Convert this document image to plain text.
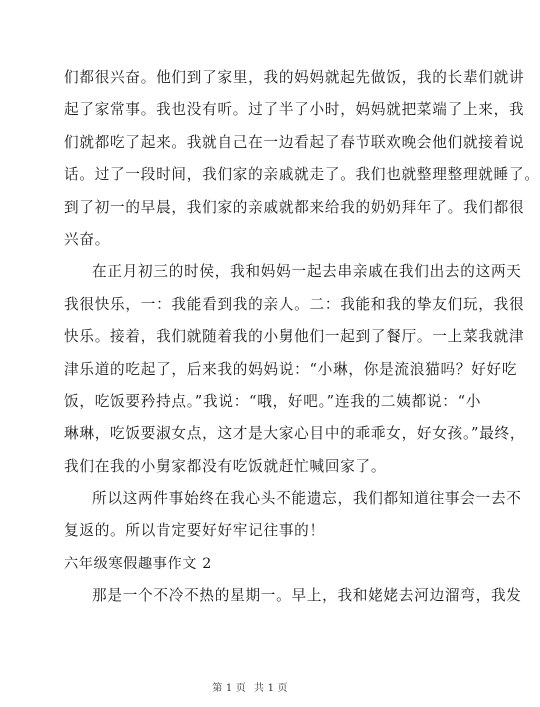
们都很兴奋。他们到了家里，我的妈妈就起先做饭，我的长辈们就讲
起了家常事。我也没有听。过了半了小时，妈妈就把菜端了上来，我
们就都吃了起来。我就自己在一边看起了春节联欢晚会他们就接着说
话。过了一段时间，我们家的亲戚就走了。我们也就整理整理就睡了。
到了初一的早晨，我们家的亲戚就都来给我的奶奶拜年了。我们都很
兴奋。
在正月初三的时侯，我和妈妈一起去串亲戚在我们出去的这两天
我很快乐，一：我能看到我的亲人。二：我能和我的挚友们玩，我很
快乐。接着，我们就随着我的小舅他们一起到了餐厅。一上菜我就津
津乐道的吃起了，后来我的妈妈说：“小琳，你是流浪猫吗？好好吃
饭，吃饭要矜持点。”我说：“哦，好吧。”连我的二姨都说：“小
琳琳，吃饭要淑女点，这才是大家心目中的乖乖女，好女孩。”最终，
我们在我的小舅家都没有吃饭就赶忙喊回家了。
所以这两件事始终在我心头不能遗忘，我们都知道往事会一去不
复返的。所以肯定要好好牢记往事的！
六年级寒假趣事作文 2
那是一个不冷不热的星期一。早上，我和姥姥去河边溜弯，我发
第 1 页 共 1 页
